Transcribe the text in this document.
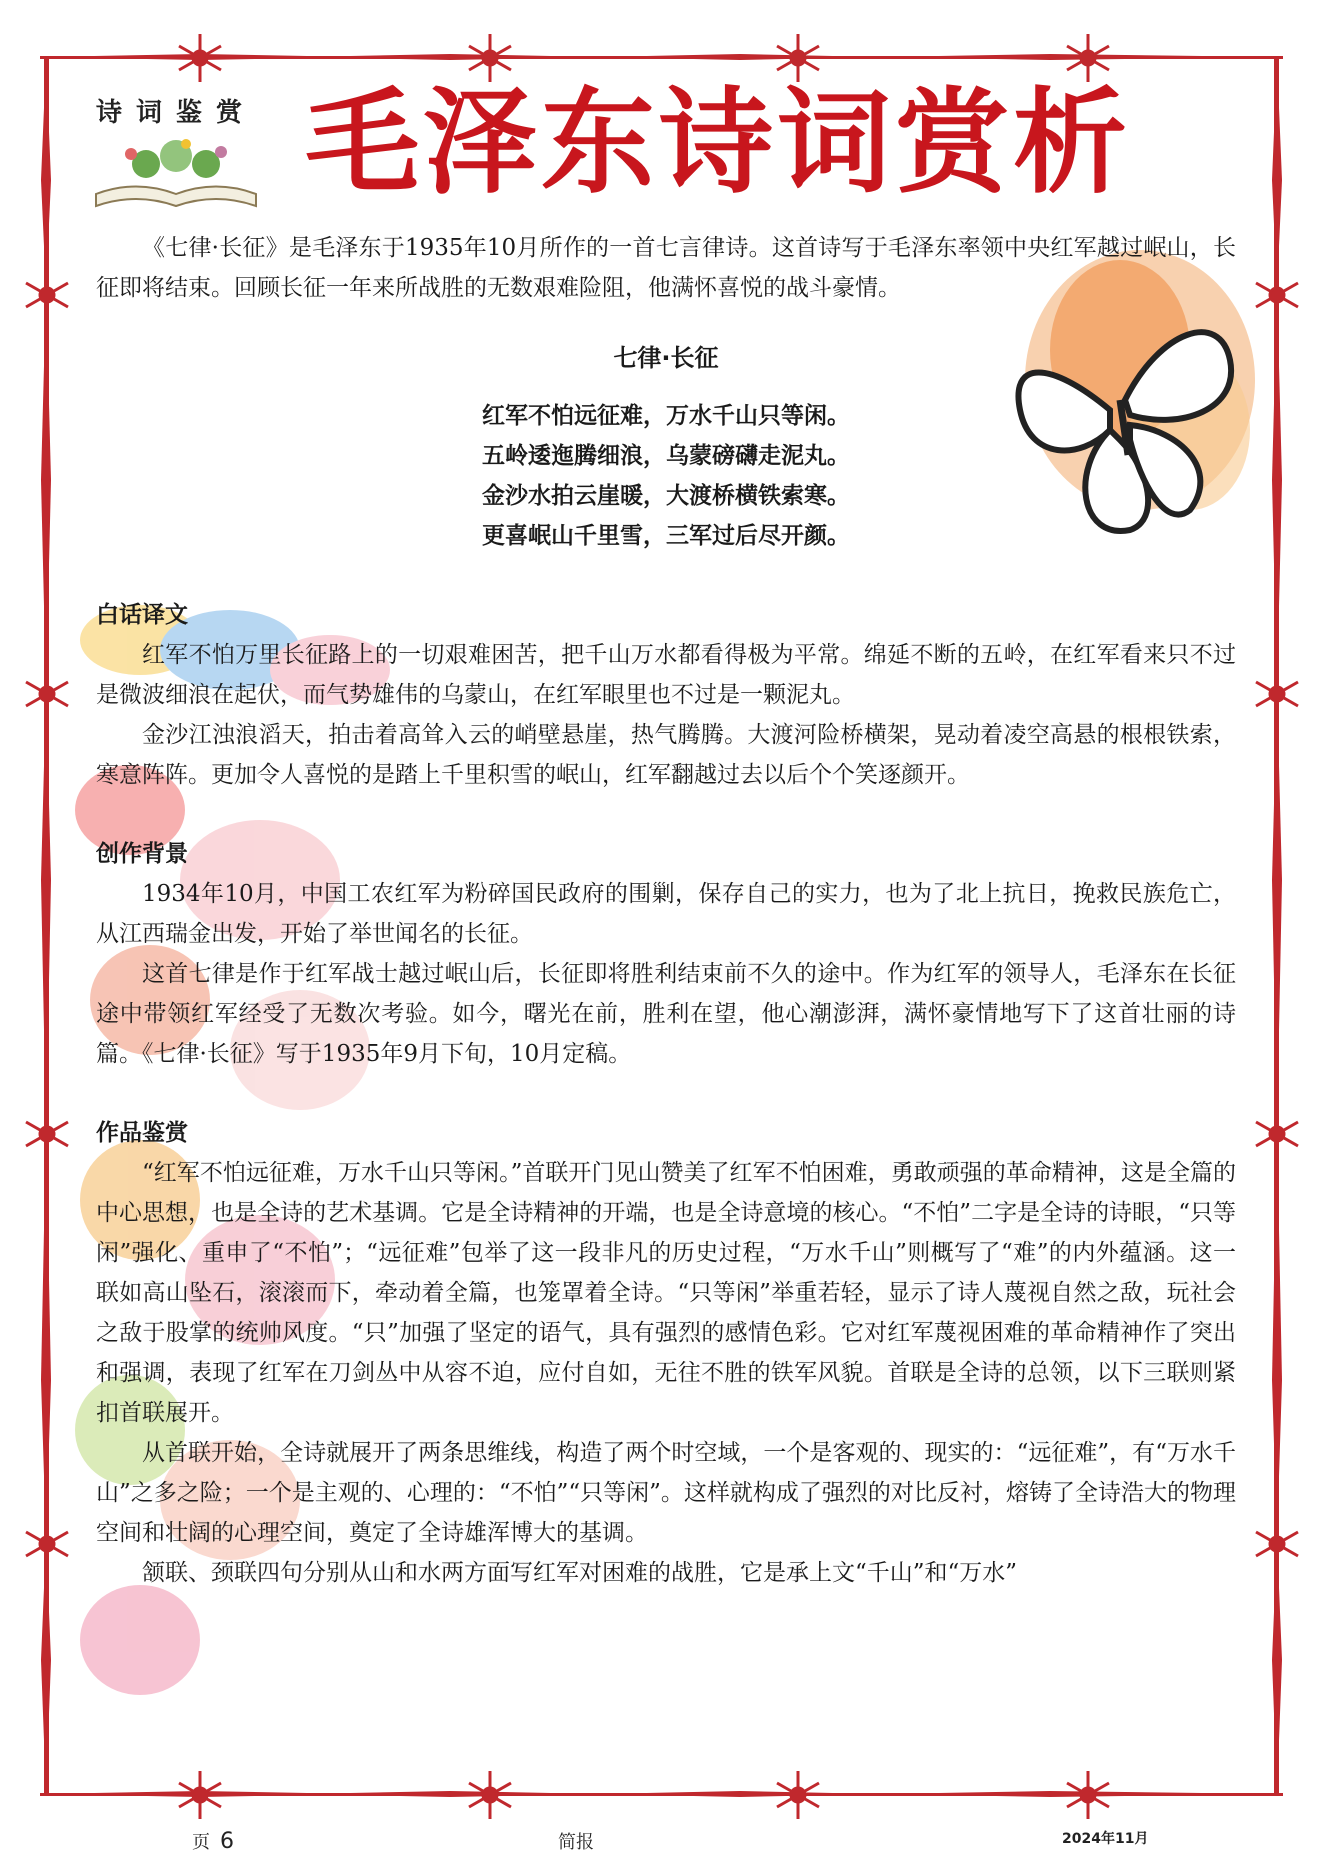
诗词鉴赏 毛泽东诗词赏析

《七律·长征》是毛泽东于1935年10月所作的一首七言律诗。这首诗写于毛泽东率领中央红军越过岷山，长征即将结束。回顾长征一年来所战胜的无数艰难险阻，他满怀喜悦的战斗豪情。

七律·长征
红军不怕远征难，万水千山只等闲。
五岭逶迤腾细浪，乌蒙磅礴走泥丸。
金沙水拍云崖暖，大渡桥横铁索寒。
更喜岷山千里雪，三军过后尽开颜。
白话译文

红军不怕万里长征路上的一切艰难困苦，把千山万水都看得极为平常。绵延不断的五岭，在红军看来只不过是微波细浪在起伏，而气势雄伟的乌蒙山，在红军眼里也不过是一颗泥丸。

金沙江浊浪滔天，拍击着高耸入云的峭壁悬崖，热气腾腾。大渡河险桥横架，晃动着凌空高悬的根根铁索，寒意阵阵。更加令人喜悦的是踏上千里积雪的岷山，红军翻越过去以后个个笑逐颜开。

创作背景

1934年10月，中国工农红军为粉碎国民政府的围剿，保存自己的实力，也为了北上抗日，挽救民族危亡，从江西瑞金出发，开始了举世闻名的长征。

这首七律是作于红军战士越过岷山后，长征即将胜利结束前不久的途中。作为红军的领导人，毛泽东在长征途中带领红军经受了无数次考验。如今，曙光在前，胜利在望，他心潮澎湃，满怀豪情地写下了这首壮丽的诗篇。《七律·长征》写于1935年9月下旬，10月定稿。

作品鉴赏

“红军不怕远征难，万水千山只等闲。”首联开门见山赞美了红军不怕困难，勇敢顽强的革命精神，这是全篇的中心思想，也是全诗的艺术基调。它是全诗精神的开端，也是全诗意境的核心。“不怕”二字是全诗的诗眼，“只等闲”强化、重申了“不怕”；“远征难”包举了这一段非凡的历史过程，“万水千山”则概写了“难”的内外蕴涵。这一联如高山坠石，滚滚而下，牵动着全篇，也笼罩着全诗。“只等闲”举重若轻，显示了诗人蔑视自然之敌，玩社会之敌于股掌的统帅风度。“只”加强了坚定的语气，具有强烈的感情色彩。它对红军蔑视困难的革命精神作了突出和强调，表现了红军在刀剑丛中从容不迫，应付自如，无往不胜的铁军风貌。首联是全诗的总领，以下三联则紧扣首联展开。

从首联开始，全诗就展开了两条思维线，构造了两个时空域，一个是客观的、现实的：“远征难”，有“万水千山”之多之险；一个是主观的、心理的：“不怕”“只等闲”。这样就构成了强烈的对比反衬，熔铸了全诗浩大的物理空间和壮阔的心理空间，奠定了全诗雄浑博大的基调。

颔联、颈联四句分别从山和水两方面写红军对困难的战胜，它是承上文“千山”和“万水”

页 6	简报	2024年11月
